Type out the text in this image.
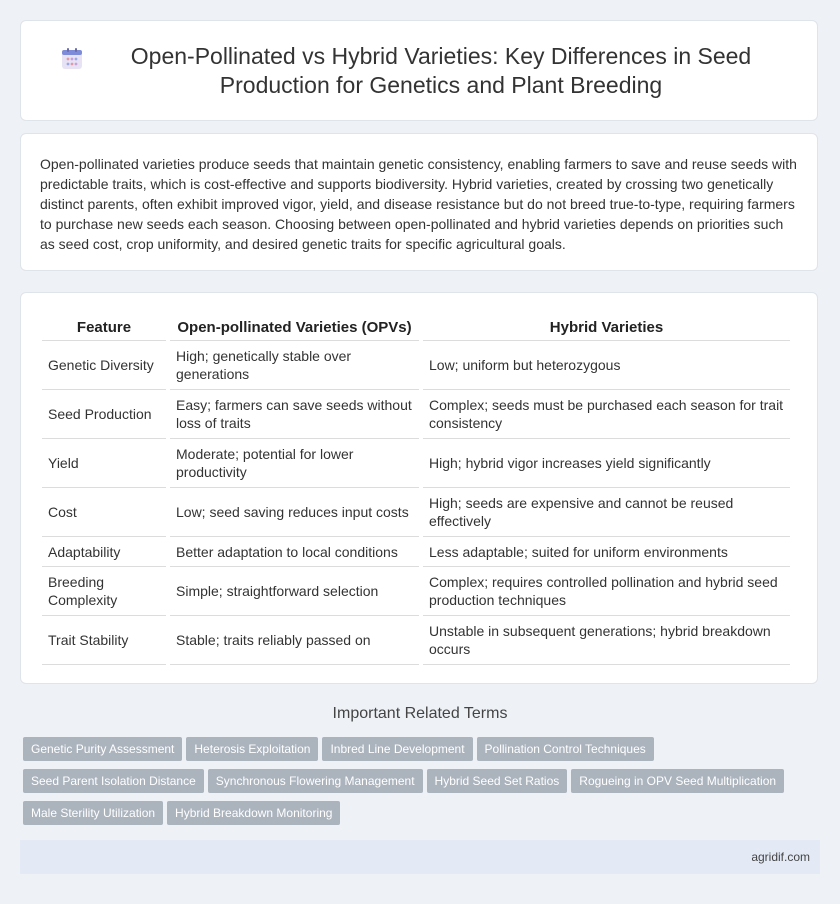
Open-Pollinated vs Hybrid Varieties: Key Differences in Seed Production for Genetics and Plant Breeding

Open-pollinated varieties produce seeds that maintain genetic consistency, enabling farmers to save and reuse seeds with predictable traits, which is cost-effective and supports biodiversity. Hybrid varieties, created by crossing two genetically distinct parents, often exhibit improved vigor, yield, and disease resistance but do not breed true-to-type, requiring farmers to purchase new seeds each season. Choosing between open-pollinated and hybrid varieties depends on priorities such as seed cost, crop uniformity, and desired genetic traits for specific agricultural goals.

Feature	Open-pollinated Varieties (OPVs)	Hybrid Varieties
Genetic Diversity	High; genetically stable over generations	Low; uniform but heterozygous
Seed Production	Easy; farmers can save seeds without loss of traits	Complex; seeds must be purchased each season for trait consistency
Yield	Moderate; potential for lower productivity	High; hybrid vigor increases yield significantly
Cost	Low; seed saving reduces input costs	High; seeds are expensive and cannot be reused effectively
Adaptability	Better adaptation to local conditions	Less adaptable; suited for uniform environments
Breeding Complexity	Simple; straightforward selection	Complex; requires controlled pollination and hybrid seed production techniques
Trait Stability	Stable; traits reliably passed on	Unstable in subsequent generations; hybrid breakdown occurs
Important Related Terms
Genetic Purity Assessment Heterosis Exploitation Inbred Line Development Pollination Control Techniques
Seed Parent Isolation Distance Synchronous Flowering Management Hybrid Seed Set Ratios Rogueing in OPV Seed Multiplication
Male Sterility Utilization Hybrid Breakdown Monitoring
agridif.com
